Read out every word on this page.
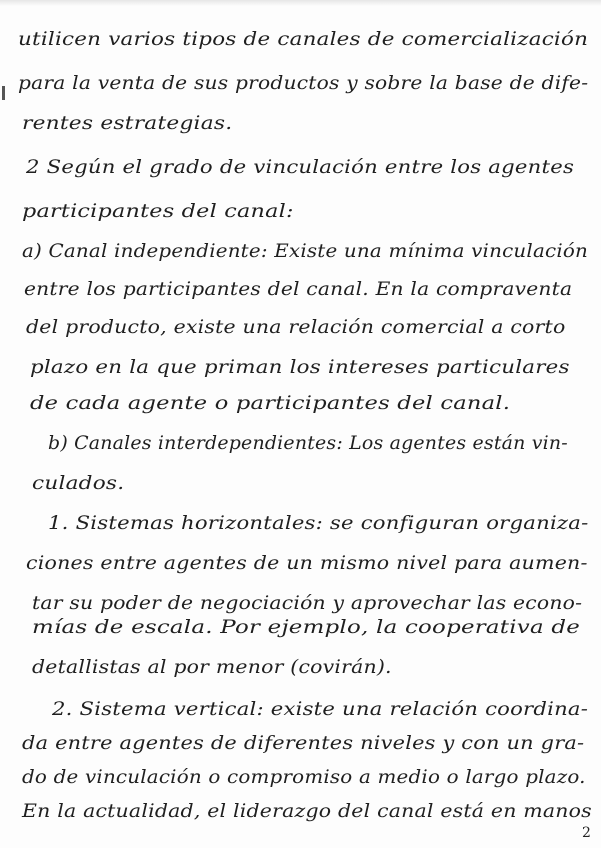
utilicen varios tipos de canales de comercialización
para la venta de sus productos y sobre la base de dife-
rentes estrategias.
2 Según el grado de vinculación entre los agentes
participantes del canal:
a) Canal independiente: Existe una mínima vinculación
entre los participantes del canal. En la compraventa
del producto, existe una relación comercial a corto
plazo en la que priman los intereses particulares
de cada agente o participantes del canal.
b) Canales interdependientes: Los agentes están vin-
culados.
1. Sistemas horizontales: se configuran organiza-
ciones entre agentes de un mismo nivel para aumen-
tar su poder de negociación y aprovechar las econo-
mías de escala. Por ejemplo, la cooperativa de
detallistas al por menor (covirán).
2. Sistema vertical: existe una relación coordina-
da entre agentes de diferentes niveles y con un gra-
do de vinculación o compromiso a medio o largo plazo.
En la actualidad, el liderazgo del canal está en manos
2
